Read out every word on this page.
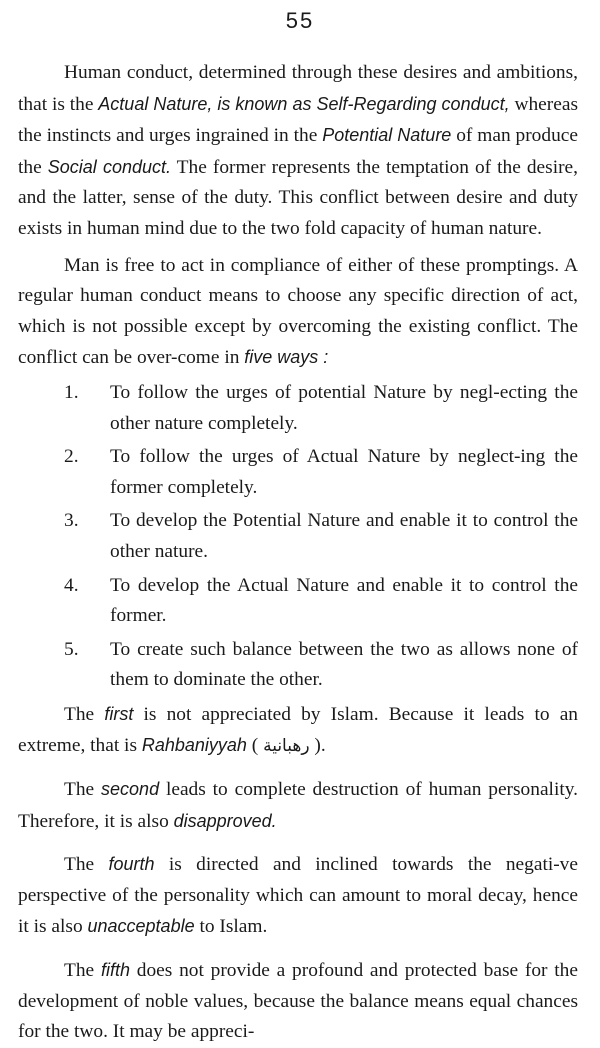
55

Human conduct, determined through these desires and ambitions, that is the Actual Nature, is known as Self-Regarding conduct, whereas the instincts and urges ingrained in the Potential Nature of man produce the Social conduct. The former represents the temptation of the desire, and the latter, sense of the duty. This conflict between desire and duty exists in human mind due to the two fold capacity of human nature.

Man is free to act in compliance of either of these promptings. A regular human conduct means to choose any specific direction of act, which is not possible except by overcoming the existing conflict. The conflict can be over-come in five ways :

1.	To follow the urges of potential Nature by negl-ecting the other nature completely.
2.	To follow the urges of Actual Nature by neglect-ing the former completely.
3.	To develop the Potential Nature and enable it to control the other nature.
4.	To develop the Actual Nature and enable it to control the former.
5.	To create such balance between the two as allows none of them to dominate the other.

The first is not appreciated by Islam. Because it leads to an extreme, that is Rahbaniyyah ( رهبانية ).

The second leads to complete destruction of human personality. Therefore, it is also disapproved.

The fourth is directed and inclined towards the negati-ve perspective of the personality which can amount to moral decay, hence it is also unacceptable to Islam.

The fifth does not provide a profound and protected base for the development of noble values, because the balance means equal chances for the two. It may be appreci-
